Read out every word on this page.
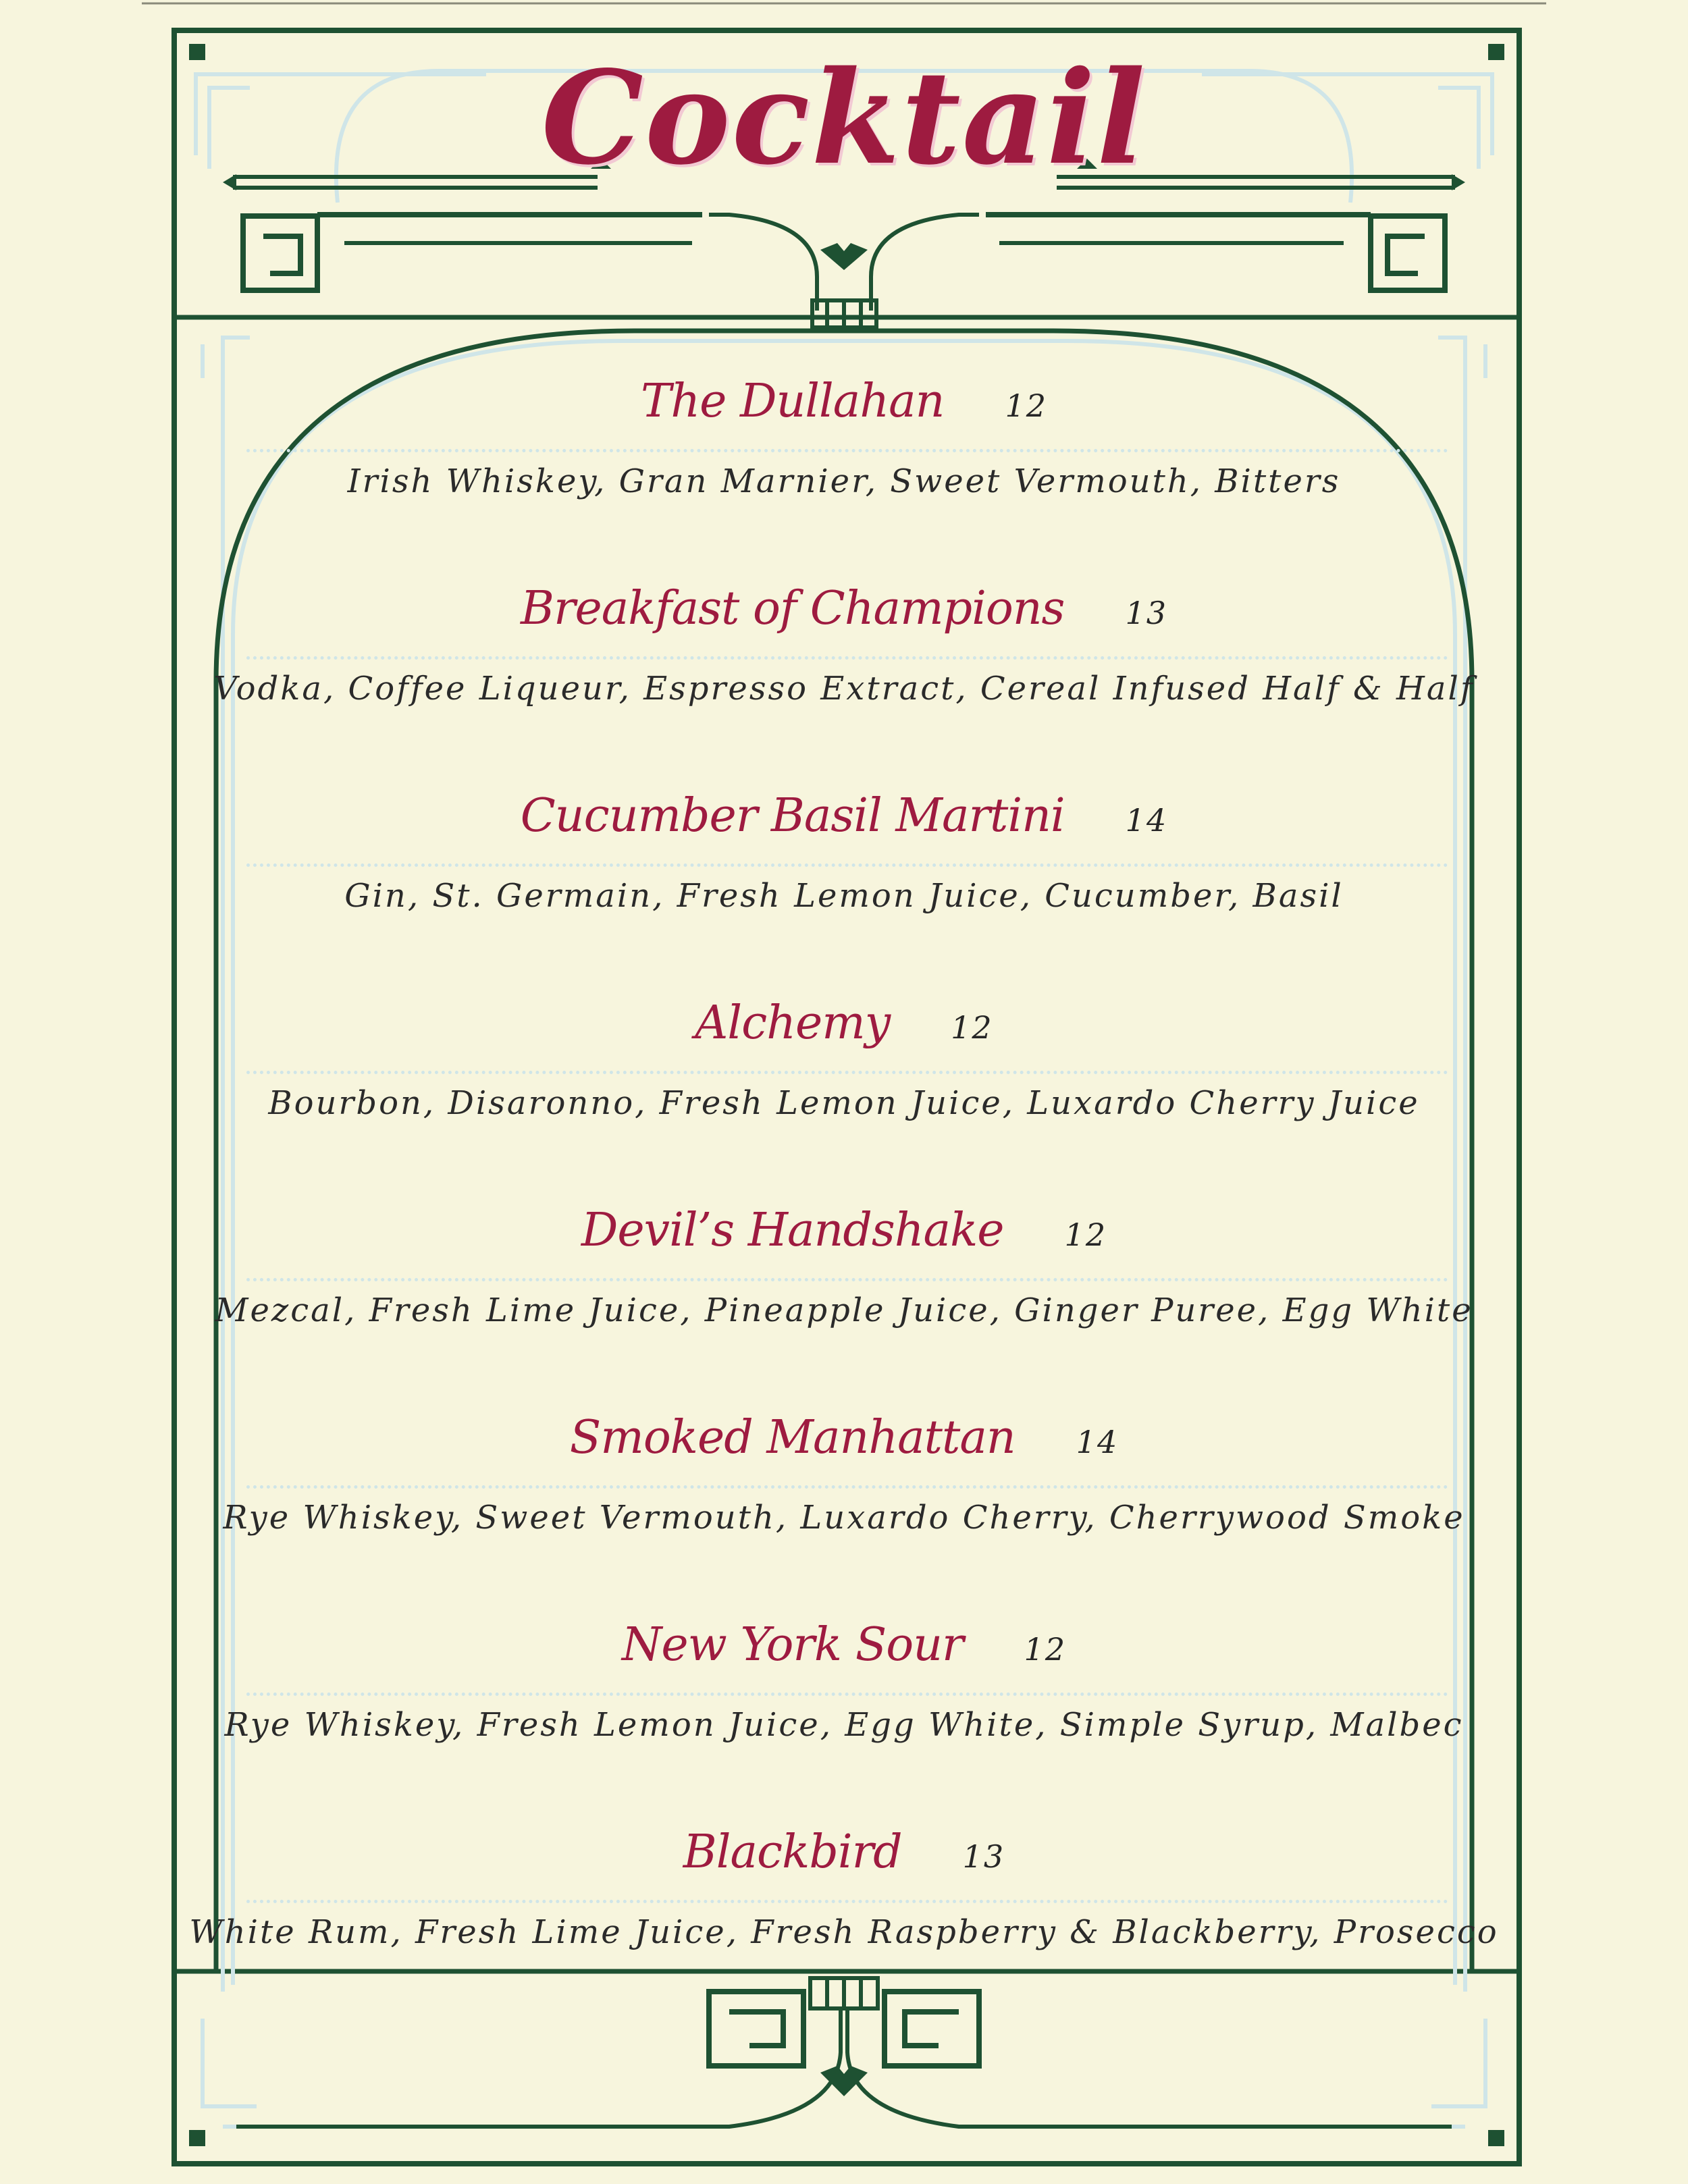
Cocktail
The Dullahan 12
Irish Whiskey, Gran Marnier, Sweet Vermouth, Bitters
Breakfast of Champions 13
Vodka, Coffee Liqueur, Espresso Extract, Cereal Infused Half & Half
Cucumber Basil Martini 14
Gin, St. Germain, Fresh Lemon Juice, Cucumber, Basil
Alchemy 12
Bourbon, Disaronno, Fresh Lemon Juice, Luxardo Cherry Juice
Devil’s Handshake 12
Mezcal, Fresh Lime Juice, Pineapple Juice, Ginger Puree, Egg White
Smoked Manhattan 14
Rye Whiskey, Sweet Vermouth, Luxardo Cherry, Cherrywood Smoke
New York Sour 12
Rye Whiskey, Fresh Lemon Juice, Egg White, Simple Syrup, Malbec
Blackbird 13
White Rum, Fresh Lime Juice, Fresh Raspberry & Blackberry, Prosecco
